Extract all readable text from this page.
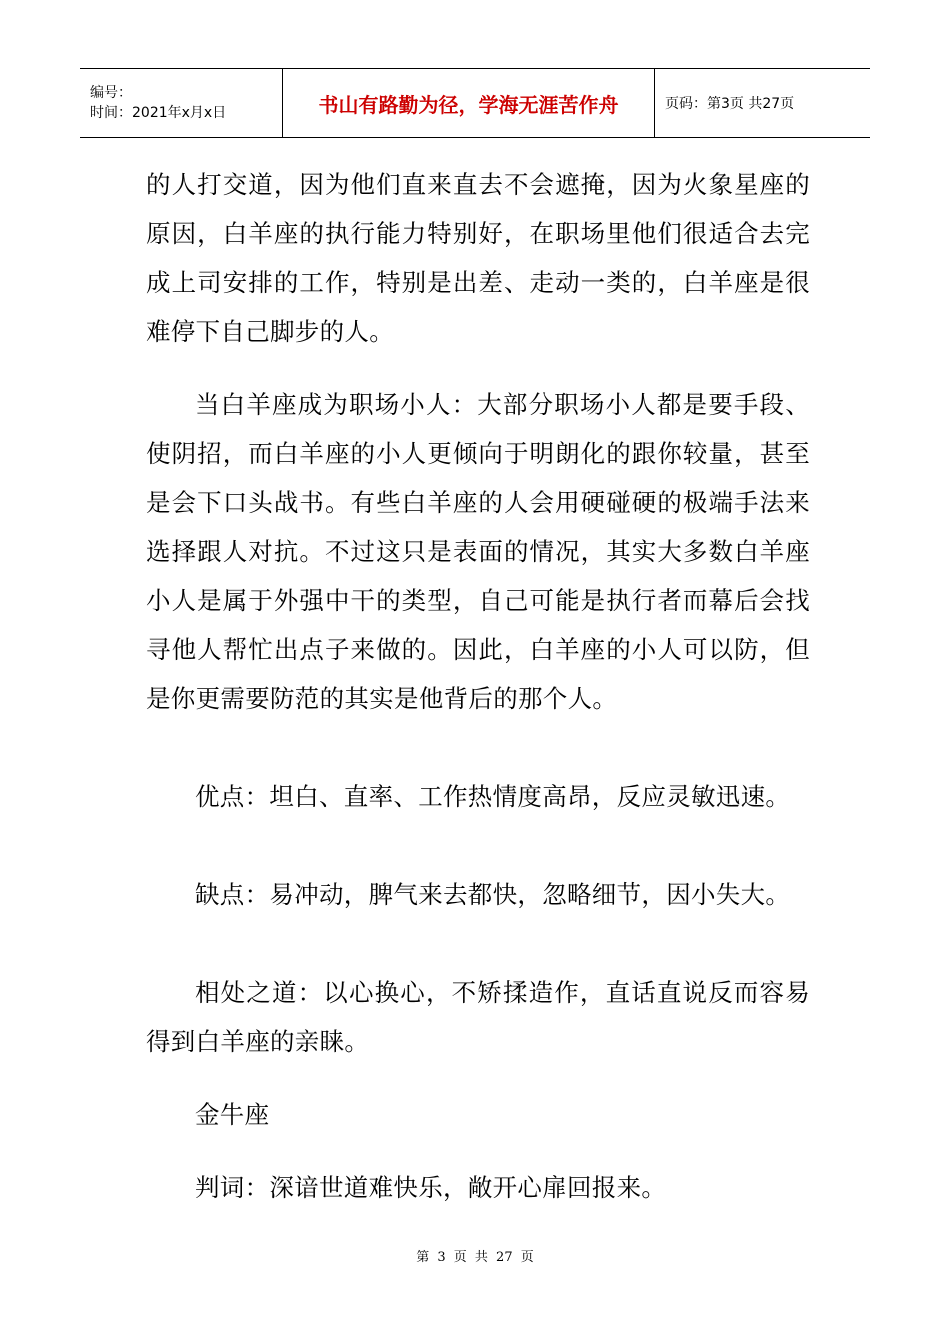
编号：
时间：2021年x月x日	书山有路勤为径，学海无涯苦作舟	页码：第3页 共27页

的人打交道，因为他们直来直去不会遮掩，因为火象星座的原因，白羊座的执行能力特别好，在职场里他们很适合去完成上司安排的工作，特别是出差、走动一类的，白羊座是很难停下自己脚步的人。

当白羊座成为职场小人：大部分职场小人都是要手段、使阴招，而白羊座的小人更倾向于明朗化的跟你较量，甚至是会下口头战书。有些白羊座的人会用硬碰硬的极端手法来选择跟人对抗。不过这只是表面的情况，其实大多数白羊座小人是属于外强中干的类型，自己可能是执行者而幕后会找寻他人帮忙出点子来做的。因此，白羊座的小人可以防，但是你更需要防范的其实是他背后的那个人。

优点：坦白、直率、工作热情度高昂，反应灵敏迅速。

缺点：易冲动，脾气来去都快，忽略细节，因小失大。

相处之道：以心换心，不矫揉造作，直话直说反而容易得到白羊座的亲睐。

金牛座

判词：深谙世道难快乐，敞开心扉回报来。

第 3 页 共 27 页
